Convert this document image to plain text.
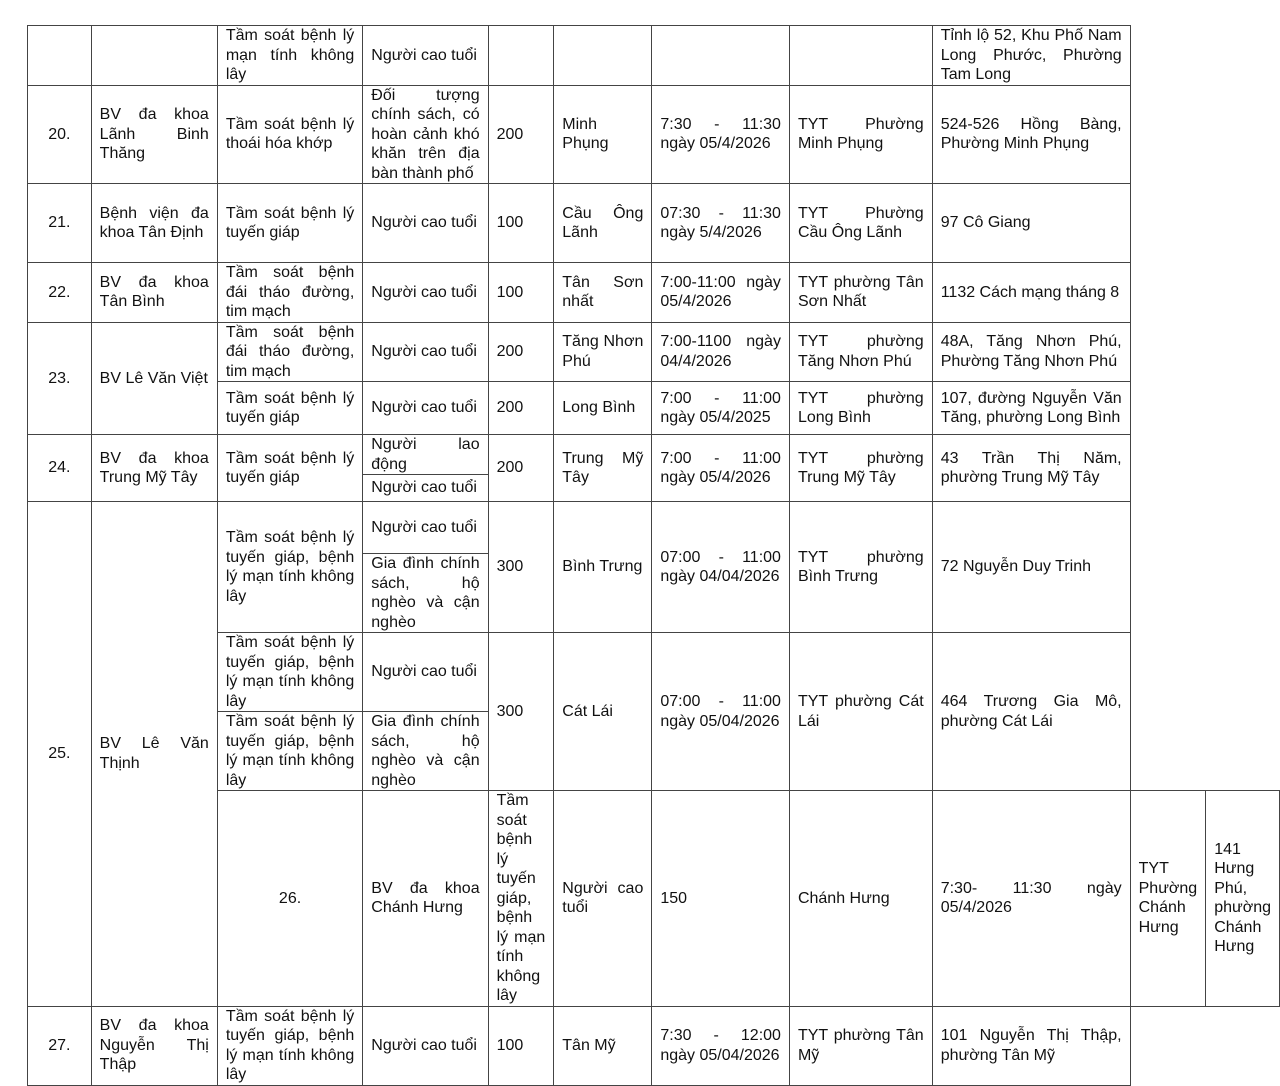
		Tầm soát bệnh lý mạn tính không lây	Người cao tuổi					Tỉnh lộ 52, Khu Phố Nam Long Phước, Phường Tam Long		
20.	BV đa khoa Lãnh Binh Thăng	Tầm soát bệnh lý thoái hóa khớp	Đối tượng chính sách, có hoàn cảnh khó khăn trên địa bàn thành phố	200	Minh Phụng	7:30 - 11:30 ngày 05/4/2026	TYT Phường Minh Phụng	524-526 Hồng Bàng, Phường Minh Phụng		
21.	Bệnh viện đa khoa Tân Định	Tầm soát bệnh lý tuyến giáp	Người cao tuổi	100	Cầu Ông Lãnh	07:30 - 11:30 ngày 5/4/2026	TYT Phường Cầu Ông Lãnh	97 Cô Giang		
22.	BV đa khoa Tân Bình	Tầm soát bệnh đái tháo đường, tim mạch	Người cao tuổi	100	Tân Sơn nhất	7:00-11:00 ngày 05/4/2026	TYT phường Tân Sơn Nhất	1132 Cách mạng tháng 8		
23.	BV Lê Văn Việt	Tầm soát bệnh đái tháo đường, tim mạch	Người cao tuổi	200	Tăng Nhơn Phú	7:00-1100 ngày 04/4/2026	TYT phường Tăng Nhơn Phú	48A, Tăng Nhơn Phú, Phường Tăng Nhơn Phú		
		Tầm soát bệnh lý tuyến giáp	Người cao tuổi	200	Long Bình	7:00 - 11:00 ngày 05/4/2025	TYT phường Long Bình	107, đường Nguyễn Văn Tăng, phường Long Bình		
24.	BV đa khoa Trung Mỹ Tây	Tầm soát bệnh lý tuyến giáp	Người lao động	200	Trung Mỹ Tây	7:00 - 11:00 ngày 05/4/2026	TYT phường Trung Mỹ Tây	43 Trần Thị Năm, phường Trung Mỹ Tây		
			Người cao tuổi							
25.	BV Lê Văn Thịnh	Tầm soát bệnh lý tuyến giáp, bệnh lý mạn tính không lây	Người cao tuổi	300	Bình Trưng	07:00 - 11:00 ngày 04/04/2026	TYT phường Bình Trưng	72 Nguyễn Duy Trinh		
			Gia đình chính sách, hộ nghèo và cận nghèo							
		Tầm soát bệnh lý tuyến giáp, bệnh lý mạn tính không lây	Người cao tuổi	300	Cát Lái	07:00 - 11:00 ngày 05/04/2026	TYT phường Cát Lái	464 Trương Gia Mô, phường Cát Lái		
		Tầm soát bệnh lý tuyến giáp, bệnh lý mạn tính không lây	Gia đình chính sách, hộ nghèo và cận nghèo							
		26.	BV đa khoa Chánh Hưng	Tầm soát bệnh lý tuyến giáp, bệnh lý mạn tính không lây	Người cao tuổi	150	Chánh Hưng	7:30- 11:30 ngày 05/4/2026	TYT Phường Chánh Hưng	141 Hưng Phú, phường Chánh Hưng
27.	BV đa khoa Nguyễn Thị Thập	Tầm soát bệnh lý tuyến giáp, bệnh lý mạn tính không lây	Người cao tuổi	100	Tân Mỹ	7:30 - 12:00 ngày 05/04/2026	TYT phường Tân Mỹ	101 Nguyễn Thị Thập, phường Tân Mỹ		
